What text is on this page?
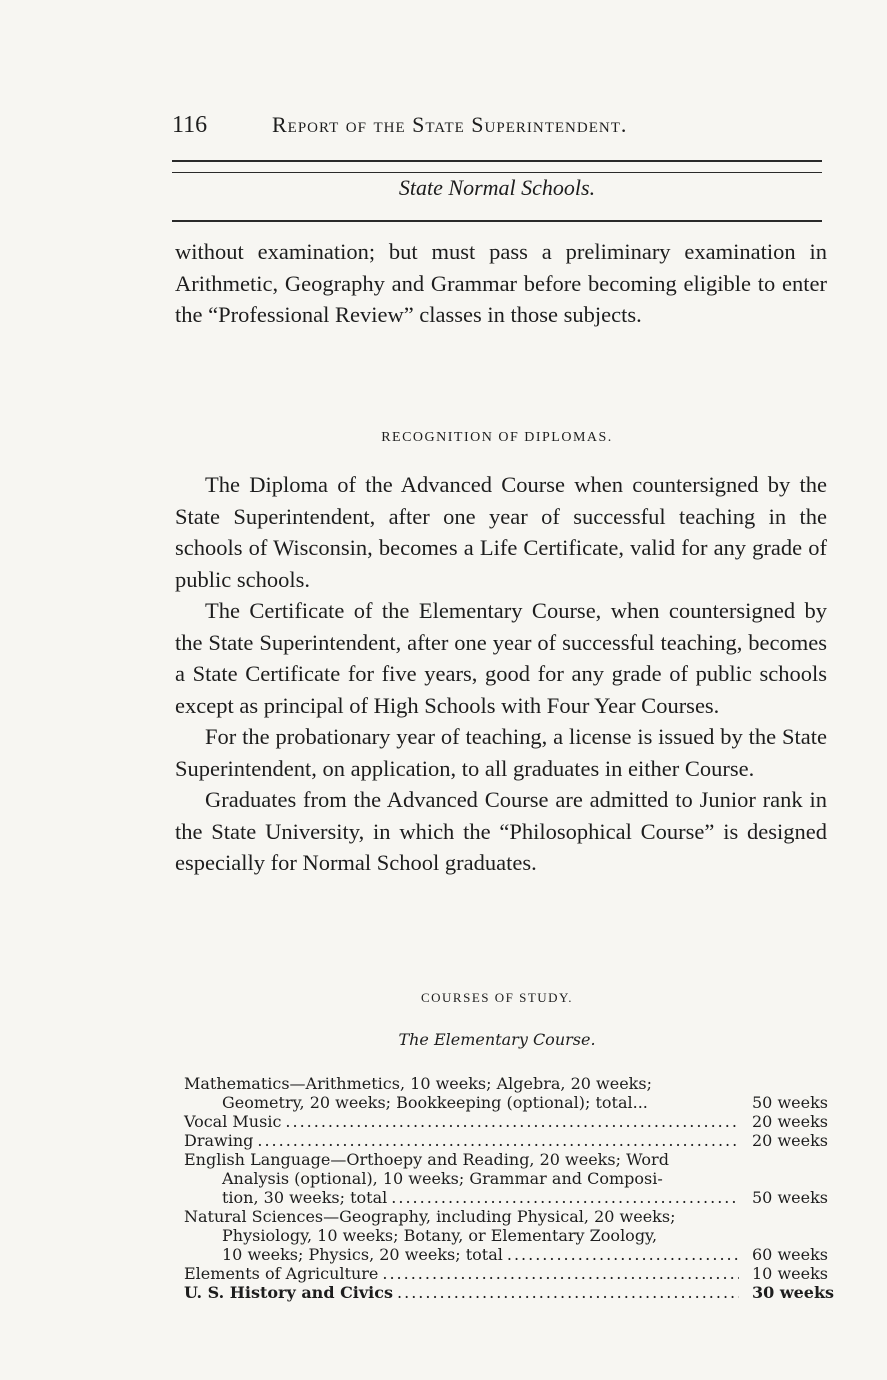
116	Report of the State Superintendent.
State Normal Schools.

without examination; but must pass a preliminary examination in Arithmetic, Geography and Grammar before becoming eligible to enter the “Professional Review” classes in those subjects.

RECOGNITION OF DIPLOMAS.

The Diploma of the Advanced Course when countersigned by the State Superintendent, after one year of successful teaching in the schools of Wisconsin, becomes a Life Certificate, valid for any grade of public schools.

The Certificate of the Elementary Course, when countersigned by the State Superintendent, after one year of successful teaching, becomes a State Certificate for five years, good for any grade of public schools except as principal of High Schools with Four Year Courses.

For the probationary year of teaching, a license is issued by the State Superintendent, on application, to all graduates in either Course.

Graduates from the Advanced Course are admitted to Junior rank in the State University, in which the “Philosophical Course” is designed especially for Normal School graduates.

COURSES OF STUDY.
The Elementary Course.
Mathematics—Arithmetics, 10 weeks; Algebra, 20 weeks;
Geometry, 20 weeks; Bookkeeping (optional); total...	50 weeks
Vocal Music .....	20 weeks
Drawing .....	20 weeks
English Language—Orthoepy and Reading, 20 weeks; Word
Analysis (optional), 10 weeks; Grammar and Composi-
tion, 30 weeks; total .....	50 weeks
Natural Sciences—Geography, including Physical, 20 weeks;
Physiology, 10 weeks; Botany, or Elementary Zoology,
10 weeks; Physics, 20 weeks; total .....	60 weeks
Elements of Agriculture .....	10 weeks
U. S. History and Civics .....	30 weeks
